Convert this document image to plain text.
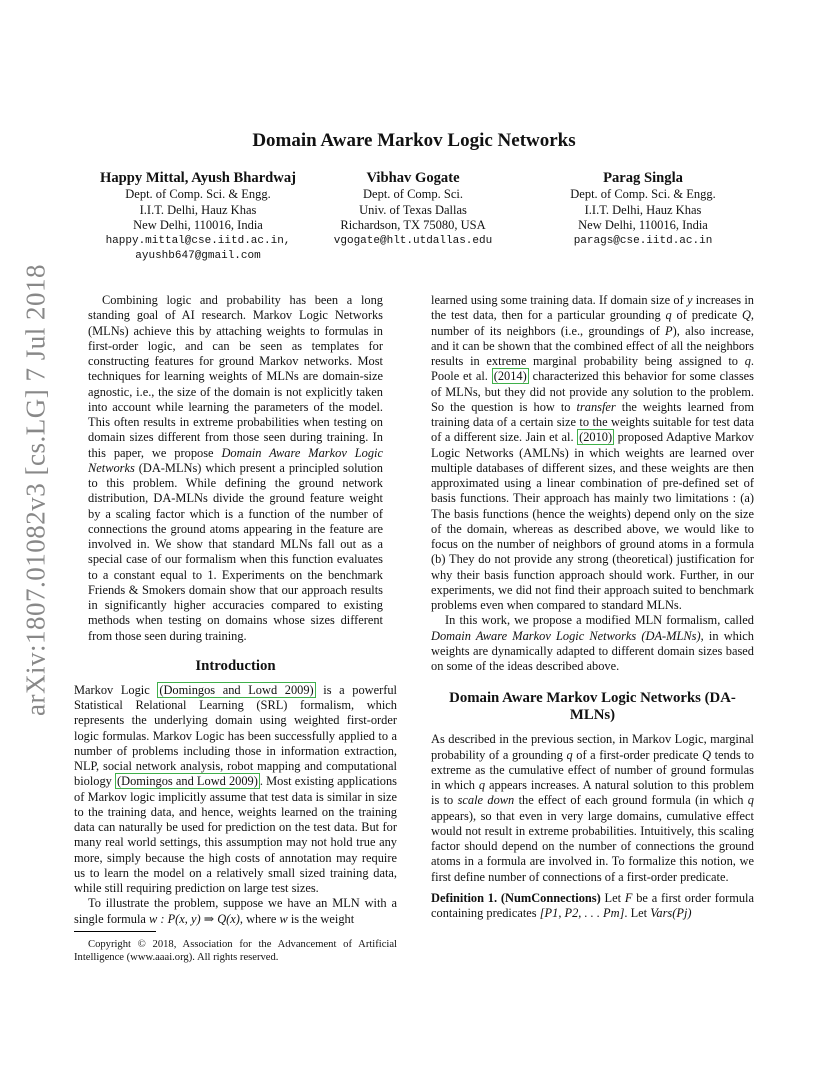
arXiv:1807.01082v3 [cs.LG] 7 Jul 2018
Domain Aware Markov Logic Networks
Happy Mittal, Ayush Bhardwaj
Dept. of Comp. Sci. & Engg.
I.I.T. Delhi, Hauz Khas
New Delhi, 110016, India
happy.mittal@cse.iitd.ac.in,
ayushb647@gmail.com
Vibhav Gogate
Dept. of Comp. Sci.
Univ. of Texas Dallas
Richardson, TX 75080, USA
vgogate@hlt.utdallas.edu
Parag Singla
Dept. of Comp. Sci. & Engg.
I.I.T. Delhi, Hauz Khas
New Delhi, 110016, India
parags@cse.iitd.ac.in

Combining logic and probability has been a long standing goal of AI research. Markov Logic Networks (MLNs) achieve this by attaching weights to formulas in first-order logic, and can be seen as templates for constructing features for ground Markov networks. Most techniques for learning weights of MLNs are domain-size agnostic, i.e., the size of the domain is not explicitly taken into account while learning the parameters of the model. This often results in extreme probabilities when testing on domain sizes different from those seen during training. In this paper, we propose Domain Aware Markov Logic Networks (DA-MLNs) which present a principled solution to this problem. While defining the ground network distribution, DA-MLNs divide the ground feature weight by a scaling factor which is a function of the number of connections the ground atoms appearing in the feature are involved in. We show that standard MLNs fall out as a special case of our formalism when this function evaluates to a constant equal to 1. Experiments on the benchmark Friends & Smokers domain show that our approach results in significantly higher accuracies compared to existing methods when testing on domains whose sizes different from those seen during training.

Introduction

Markov Logic (Domingos and Lowd 2009) is a powerful Statistical Relational Learning (SRL) formalism, which represents the underlying domain using weighted first-order logic formulas. Markov Logic has been successfully applied to a number of problems including those in information extraction, NLP, social network analysis, robot mapping and computational biology (Domingos and Lowd 2009) . Most existing applications of Markov logic implicitly assume that test data is similar in size to the training data, and hence, weights learned on the training data can naturally be used for prediction on the test data. But for many real world settings, this assumption may not hold true any more, simply because the high costs of annotation may require us to learn the model on a relatively small sized training data, while still requiring prediction on large test sizes.

To illustrate the problem, suppose we have an MLN with a single formula w : P(x, y) ⇒ Q(x), where w is the weight

Copyright © 2018, Association for the Advancement of Artificial Intelligence (www.aaai.org). All rights reserved.

learned using some training data. If domain size of y increases in the test data, then for a particular grounding q of predicate Q, number of its neighbors (i.e., groundings of P), also increase, and it can be shown that the combined effect of all the neighbors results in extreme marginal probability being assigned to q. Poole et al. (2014) characterized this behavior for some classes of MLNs, but they did not provide any solution to the problem. So the question is how to transfer the weights learned from training data of a certain size to the weights suitable for test data of a different size. Jain et al. (2010) proposed Adaptive Markov Logic Networks (AMLNs) in which weights are learned over multiple databases of different sizes, and these weights are then approximated using a linear combination of pre-defined set of basis functions. Their approach has mainly two limitations : (a) The basis functions (hence the weights) depend only on the size of the domain, whereas as described above, we would like to focus on the number of neighbors of ground atoms in a formula (b) They do not provide any strong (theoretical) justification for why their basis function approach should work. Further, in our experiments, we did not find their approach suited to benchmark problems even when compared to standard MLNs.

In this work, we propose a modified MLN formalism, called Domain Aware Markov Logic Networks (DA-MLNs), in which weights are dynamically adapted to different domain sizes based on some of the ideas described above.

Domain Aware Markov Logic Networks (DA-MLNs)

As described in the previous section, in Markov Logic, marginal probability of a grounding q of a first-order predicate Q tends to extreme as the cumulative effect of number of ground formulas in which q appears increases. A natural solution to this problem is to scale down the effect of each ground formula (in which q appears), so that even in very large domains, cumulative effect would not result in extreme probabilities. Intuitively, this scaling factor should depend on the number of connections the ground atoms in a formula are involved in. To formalize this notion, we first define number of connections of a first-order predicate.

Definition 1. (NumConnections) Let F be a first order formula containing predicates [P1, P2, . . . Pm]. Let Vars(Pj)
